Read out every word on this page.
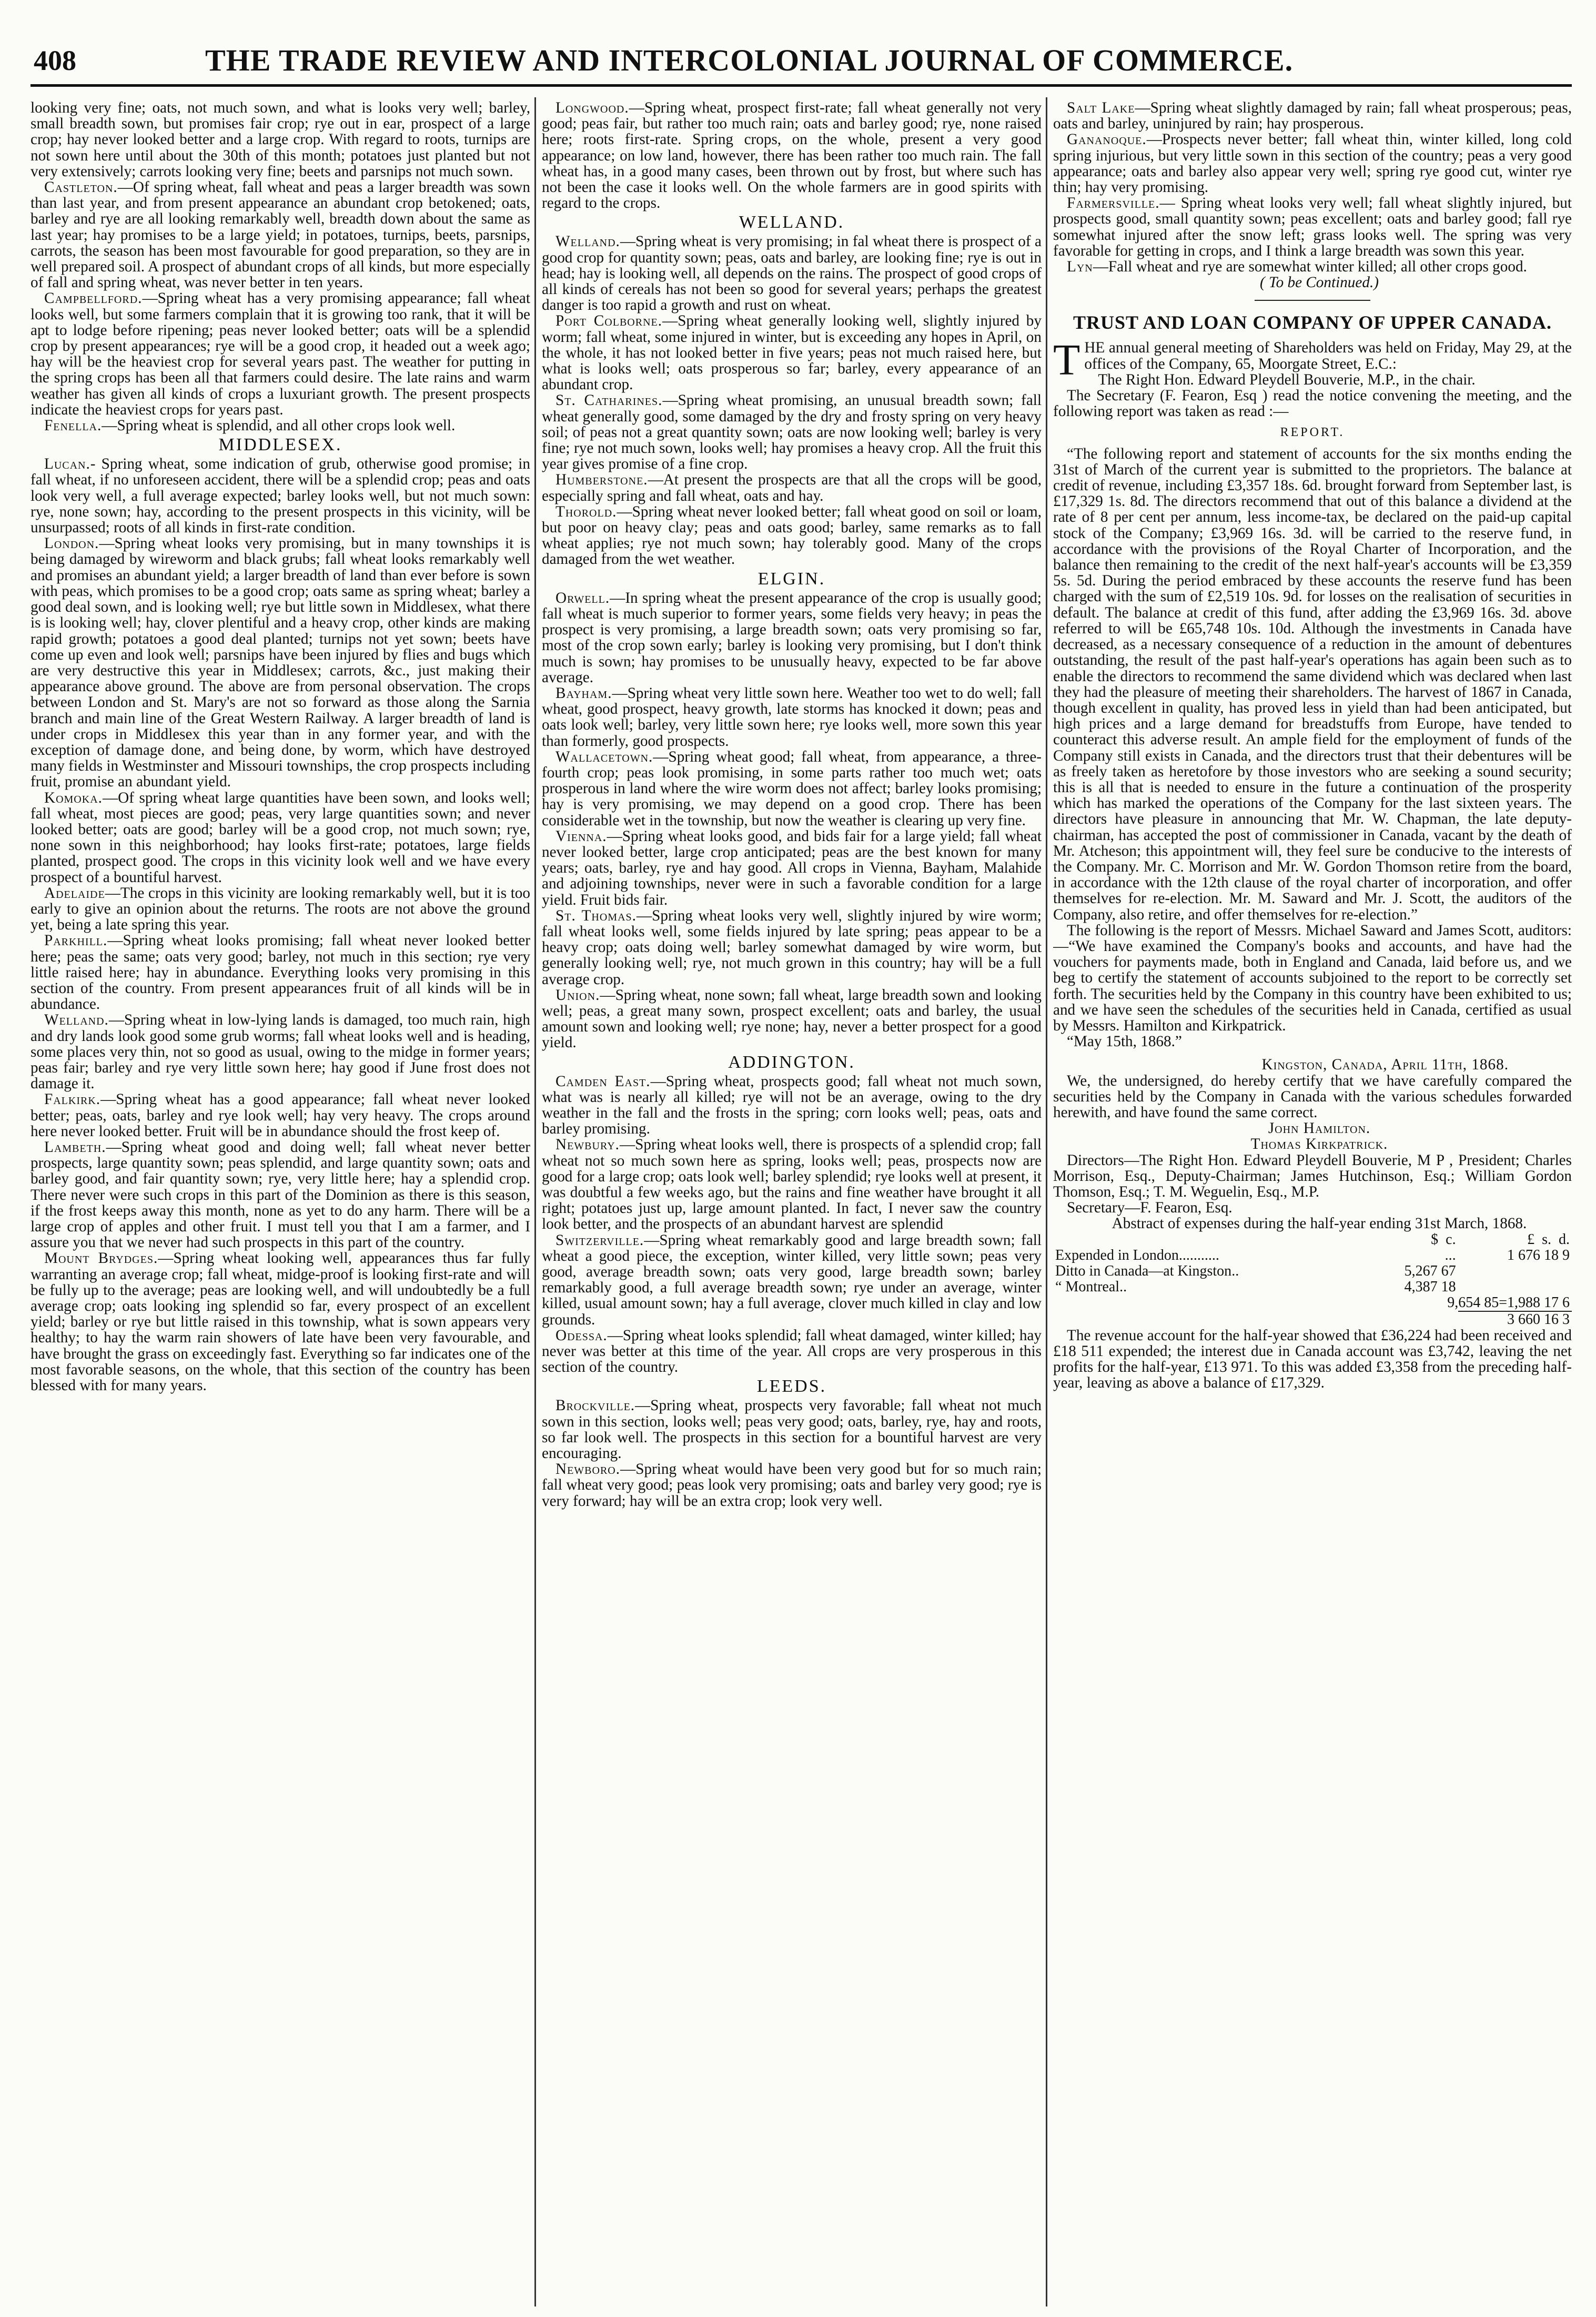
408	THE TRADE REVIEW AND INTERCOLONIAL JOURNAL OF COMMERCE.

looking very fine; oats, not much sown, and what is looks very well; barley, small breadth sown, but promises fair crop; rye out in ear, prospect of a large crop; hay never looked better and a large crop. With regard to roots, turnips are not sown here until about the 30th of this month; potatoes just planted but not very extensively; carrots looking very fine; beets and parsnips not much sown.

Castleton.—Of spring wheat, fall wheat and peas a larger breadth was sown than last year, and from present appearance an abundant crop betokened; oats, barley and rye are all looking remarkably well, breadth down about the same as last year; hay promises to be a large yield; in potatoes, turnips, beets, parsnips, carrots, the season has been most favourable for good preparation, so they are in well prepared soil. A prospect of abundant crops of all kinds, but more especially of fall and spring wheat, was never better in ten years.

Campbellford.—Spring wheat has a very promising appearance; fall wheat looks well, but some farmers complain that it is growing too rank, that it will be apt to lodge before ripening; peas never looked better; oats will be a splendid crop by present appearances; rye will be a good crop, it headed out a week ago; hay will be the heaviest crop for several years past. The weather for putting in the spring crops has been all that farmers could desire. The late rains and warm weather has given all kinds of crops a luxuriant growth. The present prospects indicate the heaviest crops for years past.

Fenella.—Spring wheat is splendid, and all other crops look well.

MIDDLESEX.

Lucan.- Spring wheat, some indication of grub, otherwise good promise; in fall wheat, if no unforeseen accident, there will be a splendid crop; peas and oats look very well, a full average expected; barley looks well, but not much sown: rye, none sown; hay, according to the present prospects in this vicinity, will be unsurpassed; roots of all kinds in first-rate condition.

London.—Spring wheat looks very promising, but in many townships it is being damaged by wireworm and black grubs; fall wheat looks remarkably well and promises an abundant yield; a larger breadth of land than ever before is sown with peas, which promises to be a good crop; oats same as spring wheat; barley a good deal sown, and is looking well; rye but little sown in Middlesex, what there is is looking well; hay, clover plentiful and a heavy crop, other kinds are making rapid growth; potatoes a good deal planted; turnips not yet sown; beets have come up even and look well; parsnips have been injured by flies and bugs which are very destructive this year in Middlesex; carrots, &c., just making their appearance above ground. The above are from personal observation. The crops between London and St. Mary's are not so forward as those along the Sarnia branch and main line of the Great Western Railway. A larger breadth of land is under crops in Middlesex this year than in any former year, and with the exception of damage done, and being done, by worm, which have destroyed many fields in Westminster and Missouri townships, the crop prospects including fruit, promise an abundant yield.

Komoka.—Of spring wheat large quantities have been sown, and looks well; fall wheat, most pieces are good; peas, very large quantities sown; and never looked better; oats are good; barley will be a good crop, not much sown; rye, none sown in this neighborhood; hay looks first-rate; potatoes, large fields planted, prospect good. The crops in this vicinity look well and we have every prospect of a bountiful harvest.

Adelaide—The crops in this vicinity are looking remarkably well, but it is too early to give an opinion about the returns. The roots are not above the ground yet, being a late spring this year.

Parkhill.—Spring wheat looks promising; fall wheat never looked better here; peas the same; oats very good; barley, not much in this section; rye very little raised here; hay in abundance. Everything looks very promising in this section of the country. From present appearances fruit of all kinds will be in abundance.

Welland.—Spring wheat in low-lying lands is damaged, too much rain, high and dry lands look good some grub worms; fall wheat looks well and is heading, some places very thin, not so good as usual, owing to the midge in former years; peas fair; barley and rye very little sown here; hay good if June frost does not damage it.

Falkirk.—Spring wheat has a good appearance; fall wheat never looked better; peas, oats, barley and rye look well; hay very heavy. The crops around here never looked better. Fruit will be in abundance should the frost keep of.

Lambeth.—Spring wheat good and doing well; fall wheat never better prospects, large quantity sown; peas splendid, and large quantity sown; oats and barley good, and fair quantity sown; rye, very little here; hay a splendid crop. There never were such crops in this part of the Dominion as there is this season, if the frost keeps away this month, none as yet to do any harm. There will be a large crop of apples and other fruit. I must tell you that I am a farmer, and I assure you that we never had such prospects in this part of the country.

Mount Brydges.—Spring wheat looking well, appearances thus far fully warranting an average crop; fall wheat, midge-proof is looking first-rate and will be fully up to the average; peas are looking well, and will undoubtedly be a full average crop; oats looking ing splendid so far, every prospect of an excellent yield; barley or rye but little raised in this township, what is sown appears very healthy; to hay the warm rain showers of late have been very favourable, and have brought the grass on exceedingly fast. Everything so far indicates one of the most favorable seasons, on the whole, that this section of the country has been blessed with for many years.

Longwood.—Spring wheat, prospect first-rate; fall wheat generally not very good; peas fair, but rather too much rain; oats and barley good; rye, none raised here; roots first-rate. Spring crops, on the whole, present a very good appearance; on low land, however, there has been rather too much rain. The fall wheat has, in a good many cases, been thrown out by frost, but where such has not been the case it looks well. On the whole farmers are in good spirits with regard to the crops.

WELLAND.

Welland.—Spring wheat is very promising; in fal wheat there is prospect of a good crop for quantity sown; peas, oats and barley, are looking fine; rye is out in head; hay is looking well, all depends on the rains. The prospect of good crops of all kinds of cereals has not been so good for several years; perhaps the greatest danger is too rapid a growth and rust on wheat.

Port Colborne.—Spring wheat generally looking well, slightly injured by worm; fall wheat, some injured in winter, but is exceeding any hopes in April, on the whole, it has not looked better in five years; peas not much raised here, but what is looks well; oats prosperous so far; barley, every appearance of an abundant crop.

St. Catharines.—Spring wheat promising, an unusual breadth sown; fall wheat generally good, some damaged by the dry and frosty spring on very heavy soil; of peas not a great quantity sown; oats are now looking well; barley is very fine; rye not much sown, looks well; hay promises a heavy crop. All the fruit this year gives promise of a fine crop.

Humberstone.—At present the prospects are that all the crops will be good, especially spring and fall wheat, oats and hay.

Thorold.—Spring wheat never looked better; fall wheat good on soil or loam, but poor on heavy clay; peas and oats good; barley, same remarks as to fall wheat applies; rye not much sown; hay tolerably good. Many of the crops damaged from the wet weather.

ELGIN.

Orwell.—In spring wheat the present appearance of the crop is usually good; fall wheat is much superior to former years, some fields very heavy; in peas the prospect is very promising, a large breadth sown; oats very promising so far, most of the crop sown early; barley is looking very promising, but I don't think much is sown; hay promises to be unusually heavy, expected to be far above average.

Bayham.—Spring wheat very little sown here. Weather too wet to do well; fall wheat, good prospect, heavy growth, late storms has knocked it down; peas and oats look well; barley, very little sown here; rye looks well, more sown this year than formerly, good prospects.

Wallacetown.—Spring wheat good; fall wheat, from appearance, a three-fourth crop; peas look promising, in some parts rather too much wet; oats prosperous in land where the wire worm does not affect; barley looks promising; hay is very promising, we may depend on a good crop. There has been considerable wet in the township, but now the weather is clearing up very fine.

Vienna.—Spring wheat looks good, and bids fair for a large yield; fall wheat never looked better, large crop anticipated; peas are the best known for many years; oats, barley, rye and hay good. All crops in Vienna, Bayham, Malahide and adjoining townships, never were in such a favorable condition for a large yield. Fruit bids fair.

St. Thomas.—Spring wheat looks very well, slightly injured by wire worm; fall wheat looks well, some fields injured by late spring; peas appear to be a heavy crop; oats doing well; barley somewhat damaged by wire worm, but generally looking well; rye, not much grown in this country; hay will be a full average crop.

Union.—Spring wheat, none sown; fall wheat, large breadth sown and looking well; peas, a great many sown, prospect excellent; oats and barley, the usual amount sown and looking well; rye none; hay, never a better prospect for a good yield.

ADDINGTON.

Camden East.—Spring wheat, prospects good; fall wheat not much sown, what was is nearly all killed; rye will not be an average, owing to the dry weather in the fall and the frosts in the spring; corn looks well; peas, oats and barley promising.

Newbury.—Spring wheat looks well, there is prospects of a splendid crop; fall wheat not so much sown here as spring, looks well; peas, prospects now are good for a large crop; oats look well; barley splendid; rye looks well at present, it was doubtful a few weeks ago, but the rains and fine weather have brought it all right; potatoes just up, large amount planted. In fact, I never saw the country look better, and the prospects of an abundant harvest are splendid

Switzerville.—Spring wheat remarkably good and large breadth sown; fall wheat a good piece, the exception, winter killed, very little sown; peas very good, average breadth sown; oats very good, large breadth sown; barley remarkably good, a full average breadth sown; rye under an average, winter killed, usual amount sown; hay a full average, clover much killed in clay and low grounds.

Odessa.—Spring wheat looks splendid; fall wheat damaged, winter killed; hay never was better at this time of the year. All crops are very prosperous in this section of the country.

LEEDS.

Brockville.—Spring wheat, prospects very favorable; fall wheat not much sown in this section, looks well; peas very good; oats, barley, rye, hay and roots, so far look well. The prospects in this section for a bountiful harvest are very encouraging.

Newboro.—Spring wheat would have been very good but for so much rain; fall wheat very good; peas look very promising; oats and barley very good; rye is very forward; hay will be an extra crop; look very well.

Salt Lake—Spring wheat slightly damaged by rain; fall wheat prosperous; peas, oats and barley, uninjured by rain; hay prosperous.

Gananoque.—Prospects never better; fall wheat thin, winter killed, long cold spring injurious, but very little sown in this section of the country; peas a very good appearance; oats and barley also appear very well; spring rye good cut, winter rye thin; hay very promising.

Farmersville.— Spring wheat looks very well; fall wheat slightly injured, but prospects good, small quantity sown; peas excellent; oats and barley good; fall rye somewhat injured after the snow left; grass looks well. The spring was very favorable for getting in crops, and I think a large breadth was sown this year.

Lyn—Fall wheat and rye are somewhat winter killed; all other crops good.

( To be Continued.)

TRUST AND LOAN COMPANY OF UPPER CANADA.

THE annual general meeting of Shareholders was held on Friday, May 29, at the offices of the Company, 65, Moorgate Street, E.C.:

The Right Hon. Edward Pleydell Bouverie, M.P., in the chair.

The Secretary (F. Fearon, Esq ) read the notice convening the meeting, and the following report was taken as read :—

REPORT.

“The following report and statement of accounts for the six months ending the 31st of March of the current year is submitted to the proprietors. The balance at credit of revenue, including £3,357 18s. 6d. brought forward from September last, is £17,329 1s. 8d. The directors recommend that out of this balance a dividend at the rate of 8 per cent per annum, less income-tax, be declared on the paid-up capital stock of the Company; £3,969 16s. 3d. will be carried to the reserve fund, in accordance with the provisions of the Royal Charter of Incorporation, and the balance then remaining to the credit of the next half-year's accounts will be £3,359 5s. 5d. During the period embraced by these accounts the reserve fund has been charged with the sum of £2,519 10s. 9d. for losses on the realisation of securities in default. The balance at credit of this fund, after adding the £3,969 16s. 3d. above referred to will be £65,748 10s. 10d. Although the investments in Canada have decreased, as a necessary consequence of a reduction in the amount of debentures outstanding, the result of the past half-year's operations has again been such as to enable the directors to recommend the same dividend which was declared when last they had the pleasure of meeting their shareholders. The harvest of 1867 in Canada, though excellent in quality, has proved less in yield than had been anticipated, but high prices and a large demand for breadstuffs from Europe, have tended to counteract this adverse result. An ample field for the employment of funds of the Company still exists in Canada, and the directors trust that their debentures will be as freely taken as heretofore by those investors who are seeking a sound security; this is all that is needed to ensure in the future a continuation of the prosperity which has marked the operations of the Company for the last sixteen years. The directors have pleasure in announcing that Mr. W. Chapman, the late deputy-chairman, has accepted the post of commissioner in Canada, vacant by the death of Mr. Atcheson; this appointment will, they feel sure be conducive to the interests of the Company. Mr. C. Morrison and Mr. W. Gordon Thomson retire from the board, in accordance with the 12th clause of the royal charter of incorporation, and offer themselves for re-election. Mr. M. Saward and Mr. J. Scott, the auditors of the Company, also retire, and offer themselves for re-election.”

The following is the report of Messrs. Michael Saward and James Scott, auditors:—“We have examined the Company's books and accounts, and have had the vouchers for payments made, both in England and Canada, laid before us, and we beg to certify the statement of accounts subjoined to the report to be correctly set forth. The securities held by the Company in this country have been exhibited to us; and we have seen the schedules of the securities held in Canada, certified as usual by Messrs. Hamilton and Kirkpatrick.

“May 15th, 1868.”

Kingston, Canada, April 11th, 1868.

We, the undersigned, do hereby certify that we have carefully compared the securities held by the Company in Canada with the various schedules forwarded herewith, and have found the same correct.

John Hamilton.

Thomas Kirkpatrick.

Directors—The Right Hon. Edward Pleydell Bouverie, M P , President; Charles Morrison, Esq., Deputy-Chairman; James Hutchinson, Esq.; William Gordon Thomson, Esq.; T. M. Weguelin, Esq., M.P.

Secretary—F. Fearon, Esq.

Abstract of expenses during the half-year ending 31st March, 1868.

	$ c.	£ s. d.
Expended in London...........	...	1 676 18 9
Ditto in Canada—at Kingston..	5,267 67	
“ Montreal..	4,387 18	
	9,654 85=1,988 17 6	
		3 660 16 3

The revenue account for the half-year showed that £36,224 had been received and £18 511 expended; the interest due in Canada account was £3,742, leaving the net profits for the half-year, £13 971. To this was added £3,358 from the preceding half-year, leaving as above a balance of £17,329.
